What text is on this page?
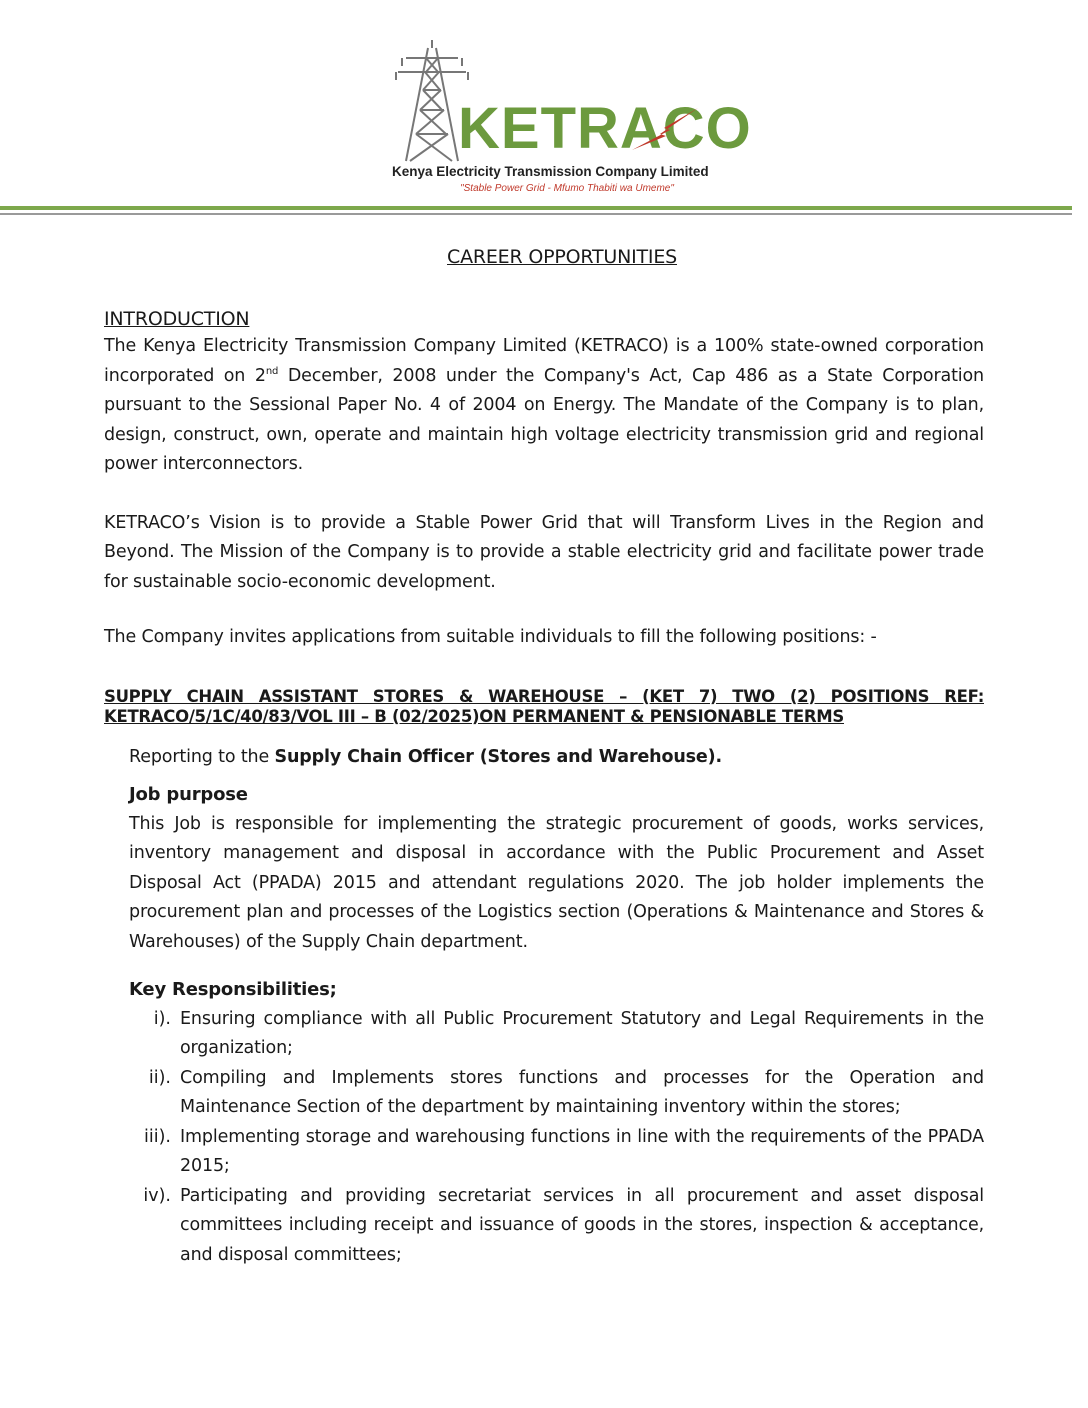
KETRACO
Kenya Electricity Transmission Company Limited
"Stable Power Grid - Mfumo Thabiti wa Umeme"
CAREER OPPORTUNITIES
INTRODUCTION

The Kenya Electricity Transmission Company Limited (KETRACO) is a 100% state-owned corporation incorporated on 2nd December, 2008 under the Company's Act, Cap 486 as a State Corporation pursuant to the Sessional Paper No. 4 of 2004 on Energy. The Mandate of the Company is to plan, design, construct, own, operate and maintain high voltage electricity transmission grid and regional power interconnectors.

KETRACO’s Vision is to provide a Stable Power Grid that will Transform Lives in the Region and Beyond. The Mission of the Company is to provide a stable electricity grid and facilitate power trade for sustainable socio-economic development.

The Company invites applications from suitable individuals to fill the following positions: -

SUPPLY CHAIN ASSISTANT STORES & WAREHOUSE – (KET 7) TWO (2) POSITIONS REF: KETRACO/5/1C/40/83/VOL III – B (02/2025)ON PERMANENT & PENSIONABLE TERMS

Reporting to the Supply Chain Officer (Stores and Warehouse).

Job purpose

This Job is responsible for implementing the strategic procurement of goods, works services, inventory management and disposal in accordance with the Public Procurement and Asset Disposal Act (PPADA) 2015 and attendant regulations 2020. The job holder implements the procurement plan and processes of the Logistics section (Operations & Maintenance and Stores & Warehouses) of the Supply Chain department.

Key Responsibilities;

i). Ensuring compliance with all Public Procurement Statutory and Legal Requirements in the organization;

ii). Compiling and Implements stores functions and processes for the Operation and Maintenance Section of the department by maintaining inventory within the stores;

iii). Implementing storage and warehousing functions in line with the requirements of the PPADA 2015;

iv). Participating and providing secretariat services in all procurement and asset disposal committees including receipt and issuance of goods in the stores, inspection & acceptance, and disposal committees;
